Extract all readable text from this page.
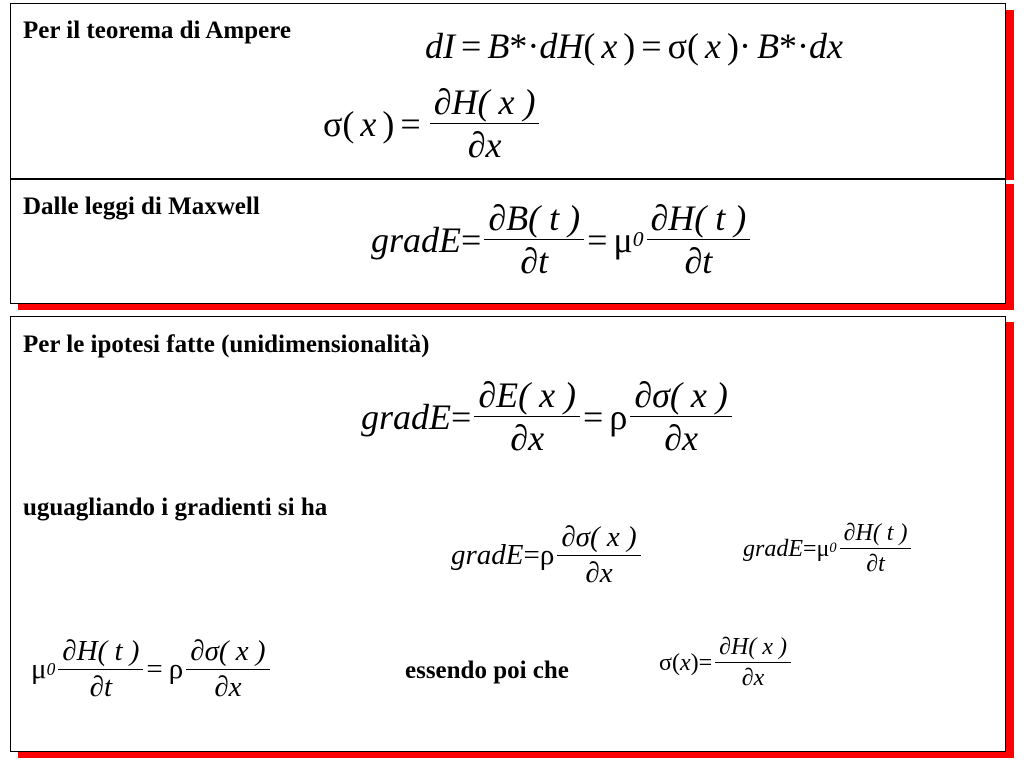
Per il teorema di Ampere	d I = B * · dH ( x ) = σ ( x ) · B * · dx
σ ( x ) = $\frac{\partial H( x )}{\partial x}$
Dalle leggi di Maxwell
gradE = $\frac{\partial B( t )}{\partial t} = \mu$ $0 \frac{\partial H( t )}{\partial t}$
Per le ipotesi fatte (unidimensionalità)
gradE = $\frac{\partial E( x )}{\partial x} = \rho \frac{\partial\sigma( x )}{\partial x}$
uguagliando i gradienti si ha
gradE = ρ $\frac{\partial\sigma( x )}{\partial x}$	gradE = μ $0 \frac{\partial H( t )}{\partial t}$
μ $0 \frac{\partial H( t )}{\partial t} = \rho \frac{\partial\sigma( x )}{\partial x}$	essendo poi che	σ ( x ) = $\frac{\partial H( x )}{\partial x}$
